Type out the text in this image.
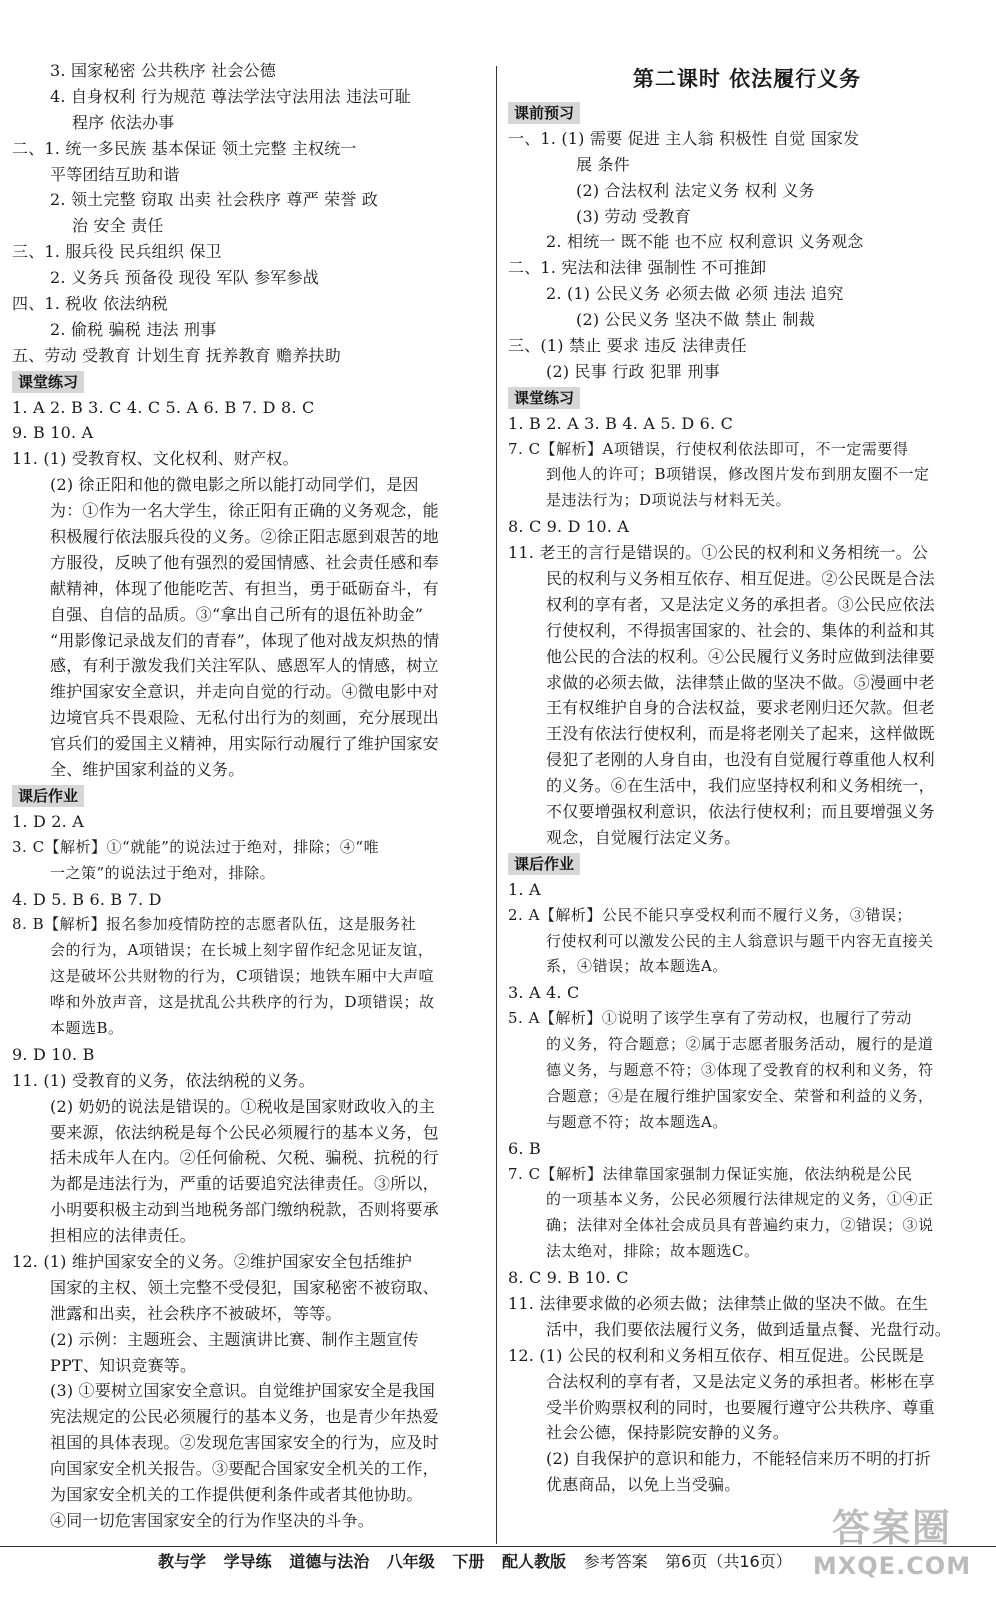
3. 国家秘密 公共秩序 社会公德
4. 自身权利 行为规范 尊法学法守法用法 违法可耻
程序 依法办事
二、1. 统一多民族 基本保证 领土完整 主权统一
平等团结互助和谐
2. 领土完整 窃取 出卖 社会秩序 尊严 荣誉 政
治 安全 责任
三、1. 服兵役 民兵组织 保卫
2. 义务兵 预备役 现役 军队 参军参战
四、1. 税收 依法纳税
2. 偷税 骗税 违法 刑事
五、劳动 受教育 计划生育 抚养教育 赡养扶助
课堂练习
1. A 2. B 3. C 4. C 5. A 6. B 7. D 8. C
9. B 10. A
11. (1) 受教育权、文化权利、财产权。
(2) 徐正阳和他的微电影之所以能打动同学们，是因
为：①作为一名大学生，徐正阳有正确的义务观念，能
积极履行依法服兵役的义务。②徐正阳志愿到艰苦的地
方服役，反映了他有强烈的爱国情感、社会责任感和奉
献精神，体现了他能吃苦、有担当，勇于砥砺奋斗，有
自强、自信的品质。③“拿出自己所有的退伍补助金”
“用影像记录战友们的青春”，体现了他对战友炽热的情
感，有利于激发我们关注军队、感恩军人的情感，树立
维护国家安全意识，并走向自觉的行动。④微电影中对
边境官兵不畏艰险、无私付出行为的刻画，充分展现出
官兵们的爱国主义精神，用实际行动履行了维护国家安
全、维护国家利益的义务。
课后作业
1. D 2. A
3. C【解析】①“就能”的说法过于绝对，排除；④“唯
一之策”的说法过于绝对，排除。
4. D 5. B 6. B 7. D
8. B【解析】报名参加疫情防控的志愿者队伍，这是服务社
会的行为，A项错误；在长城上刻字留作纪念见证友谊，
这是破坏公共财物的行为，C项错误；地铁车厢中大声喧
哗和外放声音，这是扰乱公共秩序的行为，D项错误；故
本题选B。
9. D 10. B
11. (1) 受教育的义务，依法纳税的义务。
(2) 奶奶的说法是错误的。①税收是国家财政收入的主
要来源，依法纳税是每个公民必须履行的基本义务，包
括未成年人在内。②任何偷税、欠税、骗税、抗税的行
为都是违法行为，严重的话要追究法律责任。③所以，
小明要积极主动到当地税务部门缴纳税款，否则将要承
担相应的法律责任。
12. (1) 维护国家安全的义务。②维护国家安全包括维护
国家的主权、领土完整不受侵犯，国家秘密不被窃取、
泄露和出卖，社会秩序不被破坏，等等。
(2) 示例：主题班会、主题演讲比赛、制作主题宣传
PPT、知识竞赛等。
(3) ①要树立国家安全意识。自觉维护国家安全是我国
宪法规定的公民必须履行的基本义务，也是青少年热爱
祖国的具体表现。②发现危害国家安全的行为，应及时
向国家安全机关报告。③要配合国家安全机关的工作，
为国家安全机关的工作提供便利条件或者其他协助。
④同一切危害国家安全的行为作坚决的斗争。
第二课时 依法履行义务
课前预习
一、1. (1) 需要 促进 主人翁 积极性 自觉 国家发
展 条件
(2) 合法权利 法定义务 权利 义务
(3) 劳动 受教育
2. 相统一 既不能 也不应 权利意识 义务观念
二、1. 宪法和法律 强制性 不可推卸
2. (1) 公民义务 必须去做 必须 违法 追究
(2) 公民义务 坚决不做 禁止 制裁
三、(1) 禁止 要求 违反 法律责任
(2) 民事 行政 犯罪 刑事
课堂练习
1. B 2. A 3. B 4. A 5. D 6. C
7. C【解析】A项错误，行使权利依法即可，不一定需要得
到他人的许可；B项错误，修改图片发布到朋友圈不一定
是违法行为；D项说法与材料无关。
8. C 9. D 10. A
11. 老王的言行是错误的。①公民的权利和义务相统一。公
民的权利与义务相互依存、相互促进。②公民既是合法
权利的享有者，又是法定义务的承担者。③公民应依法
行使权利，不得损害国家的、社会的、集体的利益和其
他公民的合法的权利。④公民履行义务时应做到法律要
求做的必须去做，法律禁止做的坚决不做。⑤漫画中老
王有权维护自身的合法权益，要求老刚归还欠款。但老
王没有依法行使权利，而是将老刚关了起来，这样做既
侵犯了老刚的人身自由，也没有自觉履行尊重他人权利
的义务。⑥在生活中，我们应坚持权利和义务相统一，
不仅要增强权利意识，依法行使权利；而且要增强义务
观念，自觉履行法定义务。
课后作业
1. A
2. A【解析】公民不能只享受权利而不履行义务，③错误；
行使权利可以激发公民的主人翁意识与题干内容无直接关
系，④错误；故本题选A。
3. A 4. C
5. A【解析】①说明了该学生享有了劳动权，也履行了劳动
的义务，符合题意；②属于志愿者服务活动，履行的是道
德义务，与题意不符；③体现了受教育的权利和义务，符
合题意；④是在履行维护国家安全、荣誉和利益的义务，
与题意不符；故本题选A。
6. B
7. C【解析】法律靠国家强制力保证实施，依法纳税是公民
的一项基本义务，公民必须履行法律规定的义务，①④正
确；法律对全体社会成员具有普遍约束力，②错误；③说
法太绝对，排除；故本题选C。
8. C 9. B 10. C
11. 法律要求做的必须去做；法律禁止做的坚决不做。在生
活中，我们要依法履行义务，做到适量点餐、光盘行动。
12. (1) 公民的权利和义务相互依存、相互促进。公民既是
合法权利的享有者，又是法定义务的承担者。彬彬在享
受半价购票权利的同时，也要履行遵守公共秩序、尊重
社会公德，保持影院安静的义务。
(2) 自我保护的意识和能力，不能轻信来历不明的打折
优惠商品，以免上当受骗。
教与学 学导练 道德与法治 八年级 下册 配人教版 参考答案 第6页（共16页）
答案圈
MXQE.COM
